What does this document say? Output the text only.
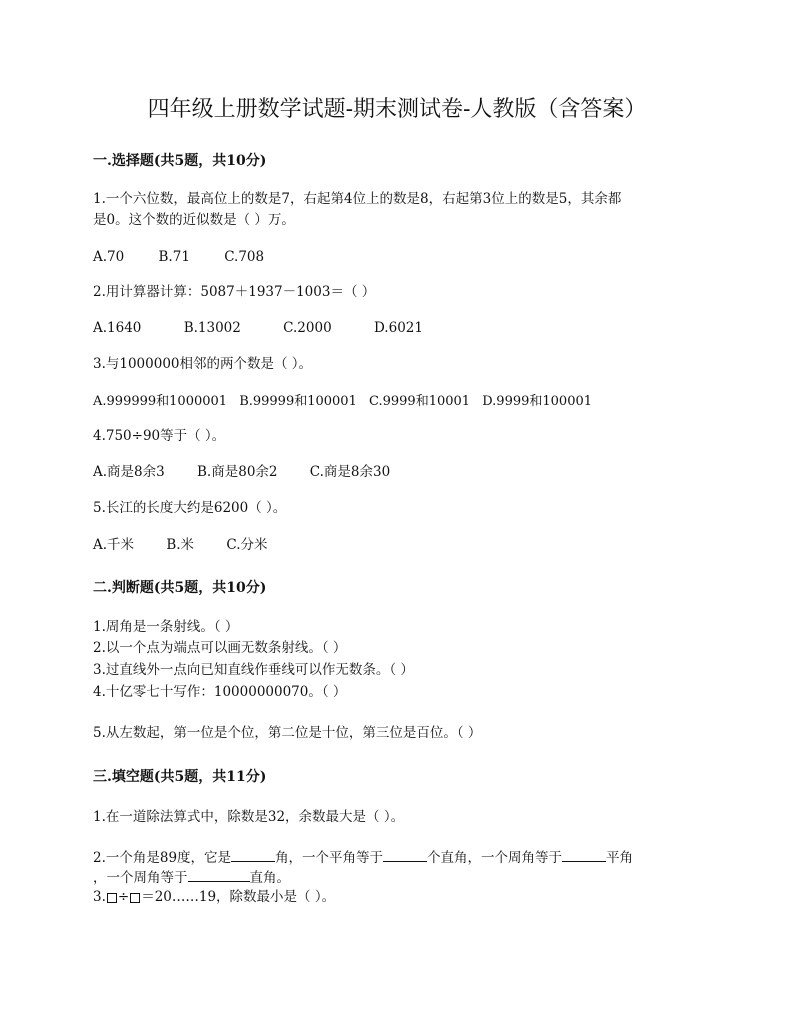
四年级上册数学试题-期末测试卷-人教版（含答案）
一.选择题(共5题，共10分)
1.一个六位数，最高位上的数是7，右起第4位上的数是8，右起第3位上的数是5，其余都
是0。这个数的近似数是（ ）万。
A.70	B.71	C.708
2.用计算器计算：5087＋1937－1003＝（ ）
A.1640	B.13002	C.2000	D.6021
3.与1000000相邻的两个数是（ ）。
A.999999和1000001 B.99999和100001 C.9999和10001 D.9999和100001
4.750÷90等于（ ）。
A.商是8余3 B.商是80余2 C.商是8余30
5.长江的长度大约是6200（ ）。
A.千米 B.米 C.分米
二.判断题(共5题，共10分)
1.周角是一条射线。（ ）
2.以一个点为端点可以画无数条射线。（ ）
3.过直线外一点向已知直线作垂线可以作无数条。（ ）
4.十亿零七十写作：10000000070。（ ）
5.从左数起，第一位是个位，第二位是十位，第三位是百位。（ ）
三.填空题(共5题，共11分)
1.在一道除法算式中，除数是32，余数最大是（ ）。
2.一个角是89度，它是	角，一个平角等于	个直角，一个周角等于	平角
，一个周角等于	直角。
3. ÷ ＝20……19，除数最小是（ ）。
